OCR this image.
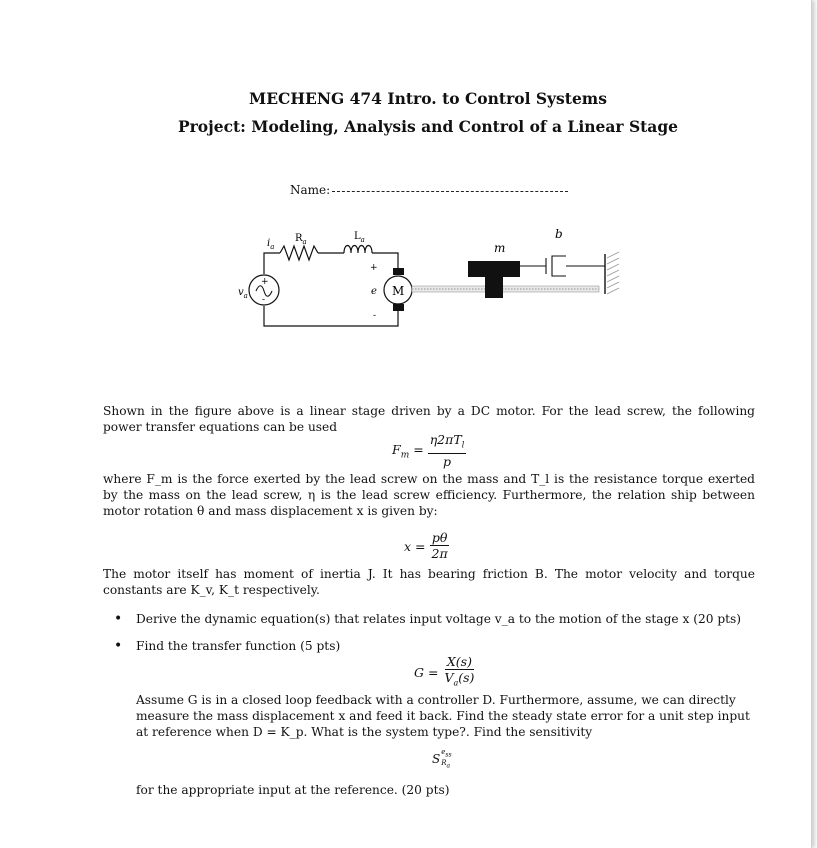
MECHENG 474 Intro. to Control Systems
Project: Modeling, Analysis and Control of a Linear Stage
Name:
+
-
M
+
-
$i_a$
$R_a$	$L_a$
$v_a$	e
m
b
Shown in the figure above is a linear stage driven by a DC motor. For the lead screw, the following power transfer equations can be used
$F_m = \frac{\eta 2\pi T_l}{p}$
where F_m is the force exerted by the lead screw on the mass and T_l is the resistance torque exerted by the mass on the lead screw, η is the lead screw efficiency. Furthermore, the relation ship between motor rotation θ and mass displacement x is given by:
$x = \frac{p\theta}{2\pi}$
The motor itself has moment of inertia J. It has bearing friction B. The motor velocity and torque constants are K_v, K_t respectively.
Derive the dynamic equation(s) that relates input voltage v_a to the motion of the stage x (20 pts)
Find the transfer function (5 pts)
$G = \frac{X(s)}{V_a(s)}$
Assume G is in a closed loop feedback with a controller D. Furthermore, assume, we can directly measure the mass displacement x and feed it back. Find the steady state error for a unit step input at reference when D = K_p. What is the system type?. Find the sensitivity
S
$e_{ss}$
$R_a$
for the appropriate input at the reference. (20 pts)
